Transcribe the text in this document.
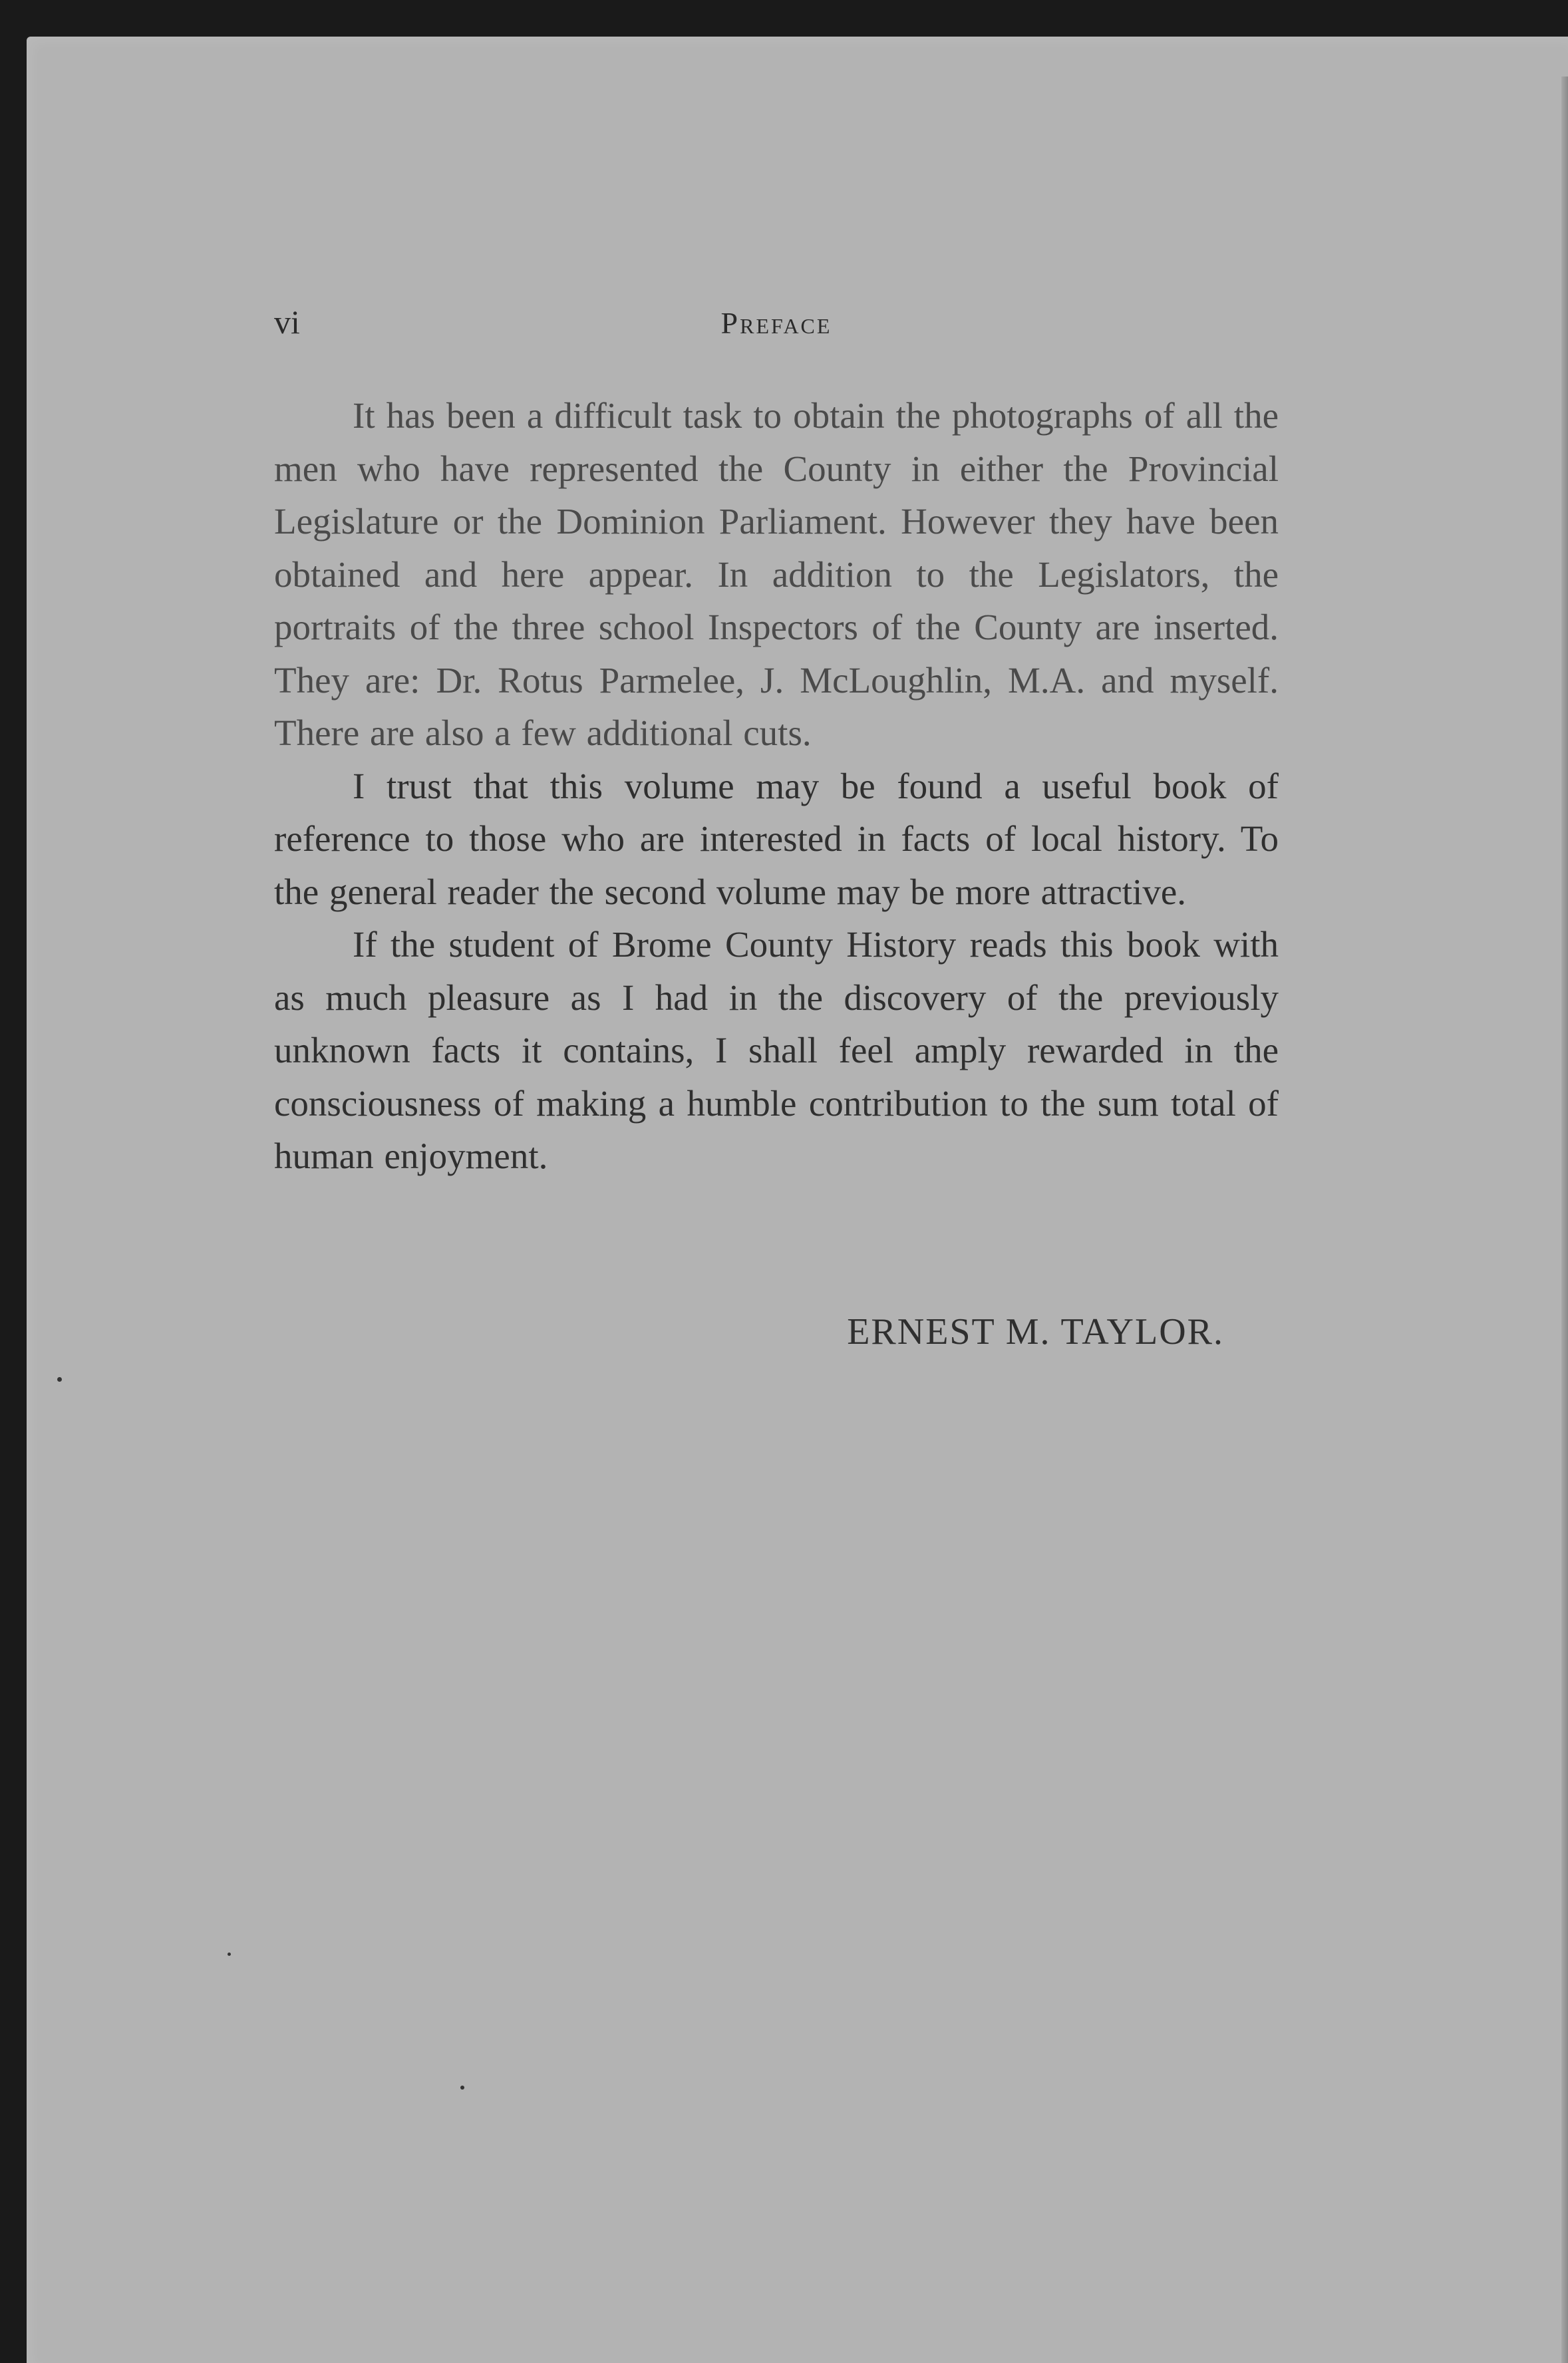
vi	Preface

It has been a difficult task to obtain the photographs of all the men who have represented the County in either the Provincial Legislature or the Dominion Parliament. However they have been obtained and here appear. In addition to the Legislators, the portraits of the three school Inspectors of the County are inserted. They are: Dr. Rotus Parmelee, J. McLoughlin, M.A. and myself. There are also a few additional cuts.

I trust that this volume may be found a useful book of reference to those who are interested in facts of local history. To the general reader the second volume may be more attractive.

If the student of Brome County History reads this book with as much pleasure as I had in the discovery of the previously unknown facts it contains, I shall feel amply rewarded in the consciousness of making a humble contribution to the sum total of human enjoyment.

ERNEST M. TAYLOR.
